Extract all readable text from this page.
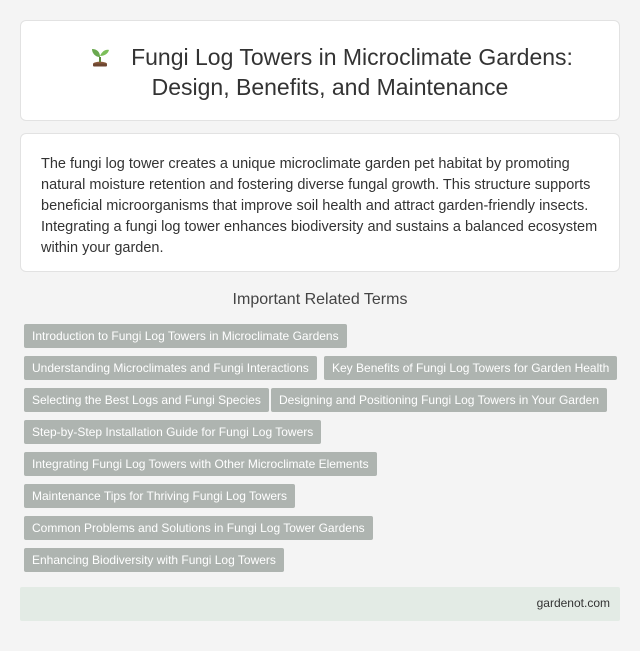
Fungi Log Towers in Microclimate Gardens: Design, Benefits, and Maintenance

The fungi log tower creates a unique microclimate garden pet habitat by promoting natural moisture retention and fostering diverse fungal growth. This structure supports beneficial microorganisms that improve soil health and attract garden-friendly insects. Integrating a fungi log tower enhances biodiversity and sustains a balanced ecosystem within your garden.

Important Related Terms
Introduction to Fungi Log Towers in Microclimate Gardens
Understanding Microclimates and Fungi Interactions	Key Benefits of Fungi Log Towers for Garden Health
Selecting the Best Logs and Fungi Species	Designing and Positioning Fungi Log Towers in Your Garden
Step-by-Step Installation Guide for Fungi Log Towers
Integrating Fungi Log Towers with Other Microclimate Elements
Maintenance Tips for Thriving Fungi Log Towers
Common Problems and Solutions in Fungi Log Tower Gardens
Enhancing Biodiversity with Fungi Log Towers
gardenot.com
